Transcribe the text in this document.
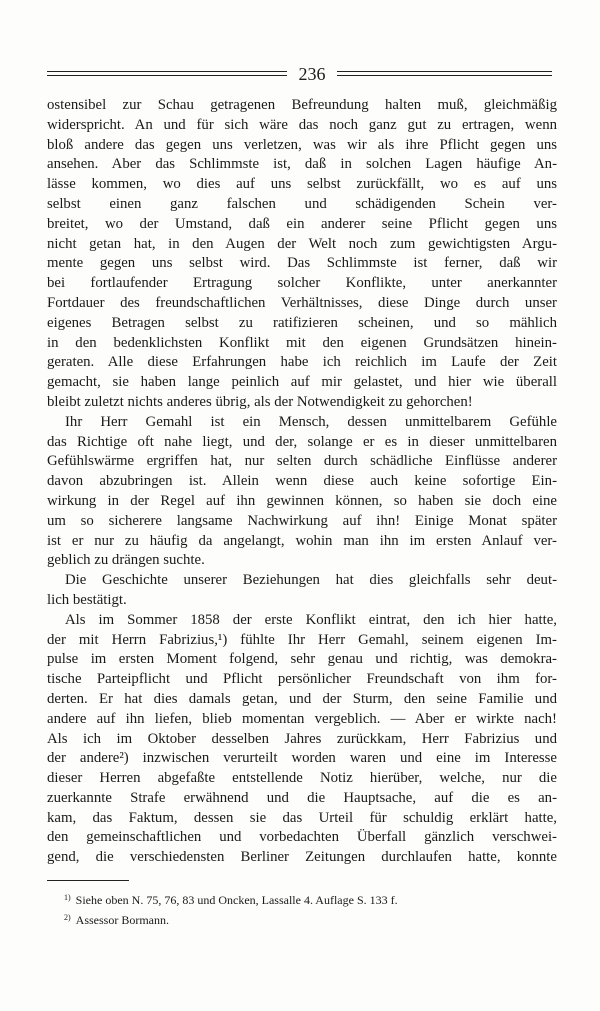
236
ostensibel zur Schau getragenen Befreundung halten muß, gleichmäßig
widerspricht. An und für sich wäre das noch ganz gut zu ertragen, wenn
bloß andere das gegen uns verletzen, was wir als ihre Pflicht gegen uns
ansehen. Aber das Schlimmste ist, daß in solchen Lagen häufige An-
lässe kommen, wo dies auf uns selbst zurückfällt, wo es auf uns
selbst einen ganz falschen und schädigenden Schein ver-
breitet, wo der Umstand, daß ein anderer seine Pflicht gegen uns
nicht getan hat, in den Augen der Welt noch zum gewichtigsten Argu-
mente gegen uns selbst wird. Das Schlimmste ist ferner, daß wir
bei fortlaufender Ertragung solcher Konflikte, unter anerkannter
Fortdauer des freundschaftlichen Verhältnisses, diese Dinge durch unser
eigenes Betragen selbst zu ratifizieren scheinen, und so mählich
in den bedenklichsten Konflikt mit den eigenen Grundsätzen hinein-
geraten. Alle diese Erfahrungen habe ich reichlich im Laufe der Zeit
gemacht, sie haben lange peinlich auf mir gelastet, und hier wie überall
bleibt zuletzt nichts anderes übrig, als der Notwendigkeit zu gehorchen!
Ihr Herr Gemahl ist ein Mensch, dessen unmittelbarem Gefühle
das Richtige oft nahe liegt, und der, solange er es in dieser unmittelbaren
Gefühlswärme ergriffen hat, nur selten durch schädliche Einflüsse anderer
davon abzubringen ist. Allein wenn diese auch keine sofortige Ein-
wirkung in der Regel auf ihn gewinnen können, so haben sie doch eine
um so sicherere langsame Nachwirkung auf ihn! Einige Monat später
ist er nur zu häufig da angelangt, wohin man ihn im ersten Anlauf ver-
geblich zu drängen suchte.
Die Geschichte unserer Beziehungen hat dies gleichfalls sehr deut-
lich bestätigt.
Als im Sommer 1858 der erste Konflikt eintrat, den ich hier hatte,
der mit Herrn Fabrizius,¹) fühlte Ihr Herr Gemahl, seinem eigenen Im-
pulse im ersten Moment folgend, sehr genau und richtig, was demokra-
tische Parteipflicht und Pflicht persönlicher Freundschaft von ihm for-
derten. Er hat dies damals getan, und der Sturm, den seine Familie und
andere auf ihn liefen, blieb momentan vergeblich. — Aber er wirkte nach!
Als ich im Oktober desselben Jahres zurückkam, Herr Fabrizius und
der andere²) inzwischen verurteilt worden waren und eine im Interesse
dieser Herren abgefaßte entstellende Notiz hierüber, welche, nur die
zuerkannte Strafe erwähnend und die Hauptsache, auf die es an-
kam, das Faktum, dessen sie das Urteil für schuldig erklärt hatte,
den gemeinschaftlichen und vorbedachten Überfall gänzlich verschwei-
gend, die verschiedensten Berliner Zeitungen durchlaufen hatte, konnte
$^{1)}$ Siehe oben N. 75, 76, 83 und Oncken, Lassalle 4. Auflage S. 133 f.
$^{2)}$ Assessor Bormann.
